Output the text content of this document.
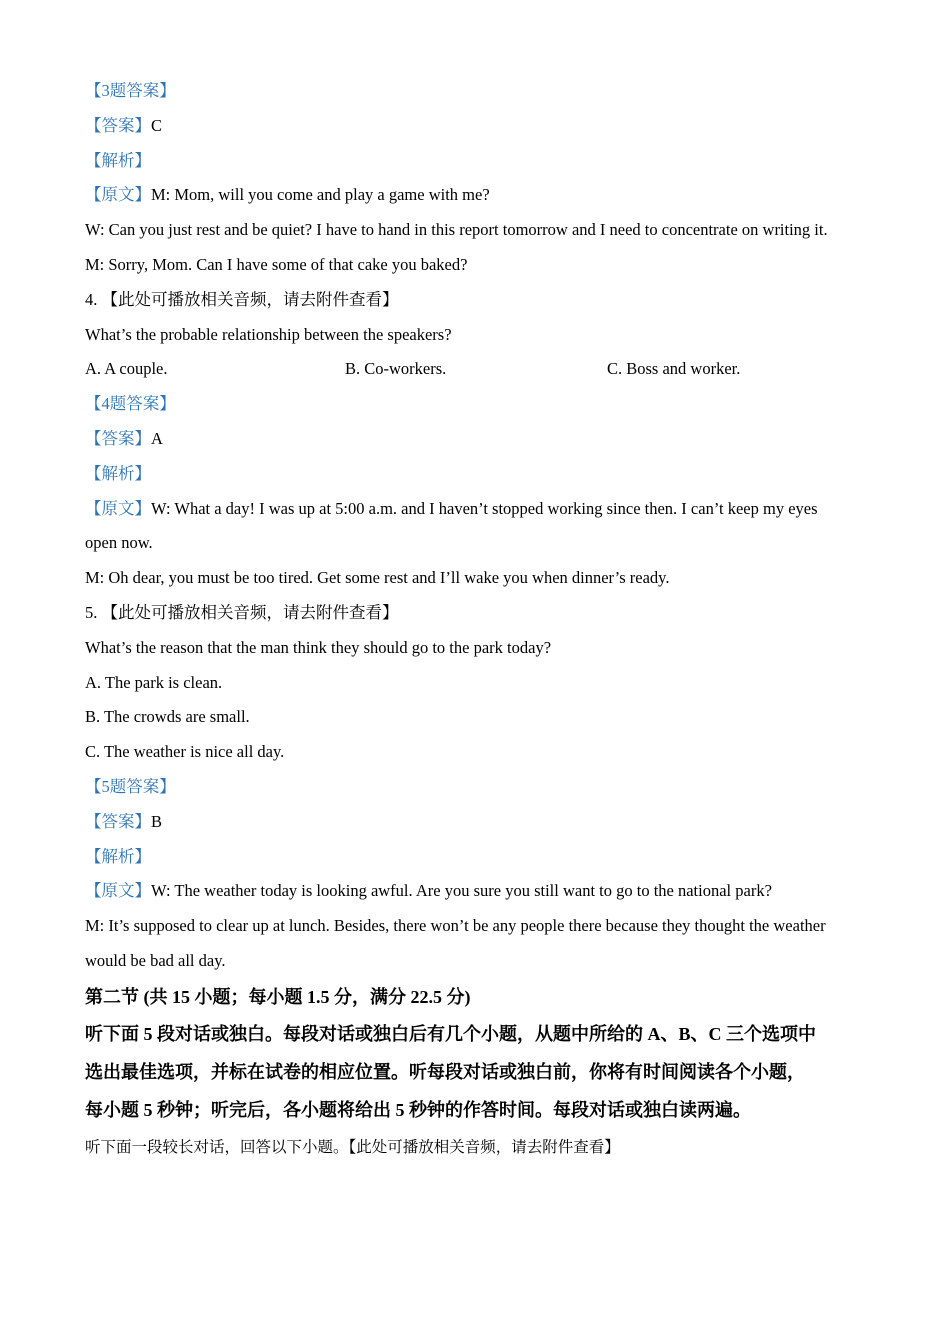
【3题答案】
【答案】C
【解析】
【原文】M: Mom, will you come and play a game with me?
W: Can you just rest and be quiet? I have to hand in this report tomorrow and I need to concentrate on writing it.
M: Sorry, Mom. Can I have some of that cake you baked?
4. 【此处可播放相关音频，请去附件查看】
What’s the probable relationship between the speakers?
A. A couple.	B. Co-workers.	C. Boss and worker.
【4题答案】
【答案】A
【解析】
【原文】W: What a day! I was up at 5:00 a.m. and I haven’t stopped working since then. I can’t keep my eyes
open now.
M: Oh dear, you must be too tired. Get some rest and I’ll wake you when dinner’s ready.
5. 【此处可播放相关音频，请去附件查看】
What’s the reason that the man think they should go to the park today?
A. The park is clean.
B. The crowds are small.
C. The weather is nice all day.
【5题答案】
【答案】B
【解析】
【原文】W: The weather today is looking awful. Are you sure you still want to go to the national park?
M: It’s supposed to clear up at lunch. Besides, there won’t be any people there because they thought the weather
would be bad all day.
第二节 (共 15 小题；每小题 1.5 分，满分 22.5 分)
听下面 5 段对话或独白。每段对话或独白后有几个小题，从题中所给的 A、B、C 三个选项中
选出最佳选项，并标在试卷的相应位置。听每段对话或独白前，你将有时间阅读各个小题，
每小题 5 秒钟；听完后，各小题将给出 5 秒钟的作答时间。每段对话或独白读两遍。
听下面一段较长对话，回答以下小题。【此处可播放相关音频，请去附件查看】
